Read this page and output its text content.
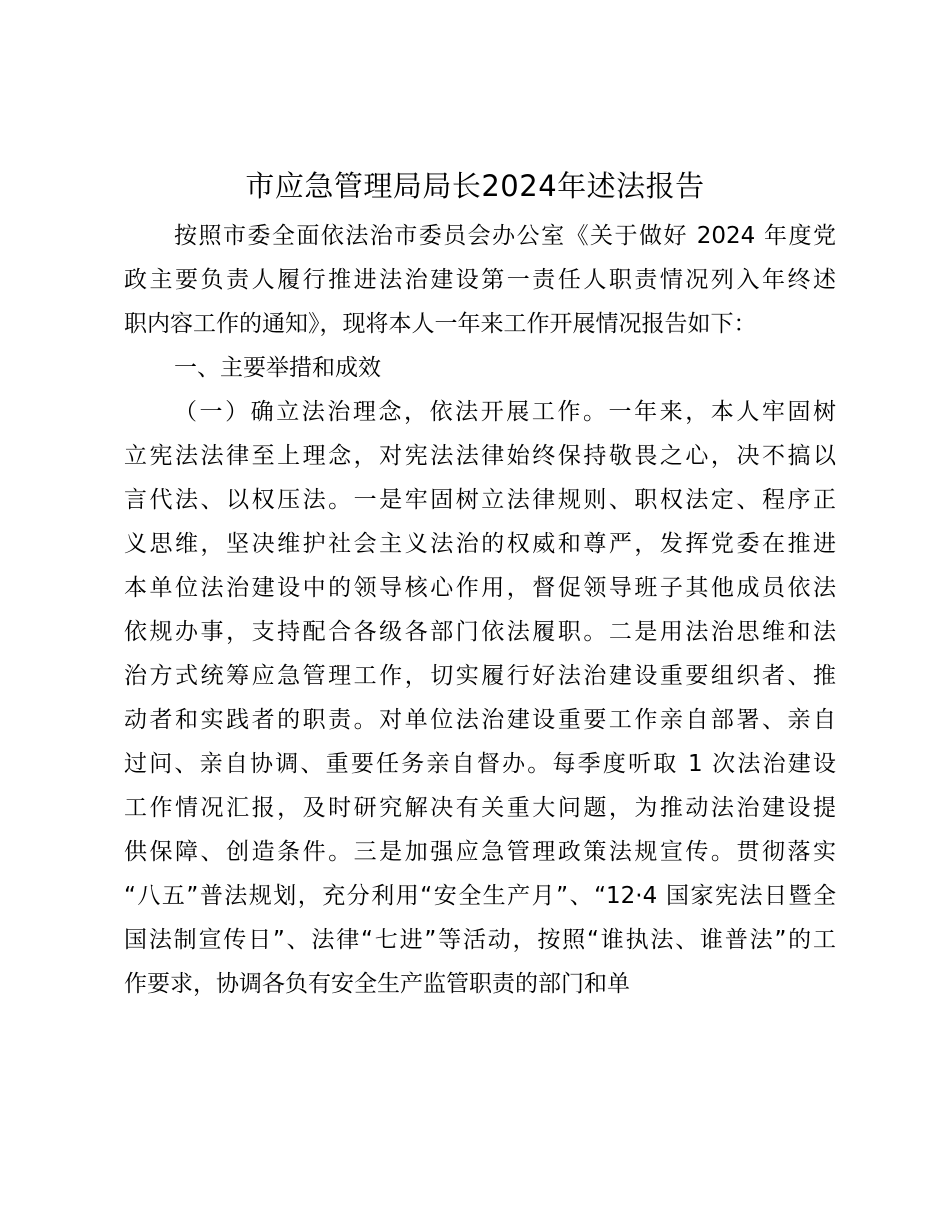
市应急管理局局长2024年述法报告
按照市委全面依法治市委员会办公室《关于做好 2024 年度党
政主要负责人履行推进法治建设第一责任人职责情况列入年终述
职内容工作的通知》，现将本人一年来工作开展情况报告如下：
一、主要举措和成效
（一）确立法治理念，依法开展工作。一年来，本人牢固树
立宪法法律至上理念，对宪法法律始终保持敬畏之心，决不搞以
言代法、以权压法。一是牢固树立法律规则、职权法定、程序正
义思维，坚决维护社会主义法治的权威和尊严，发挥党委在推进
本单位法治建设中的领导核心作用，督促领导班子其他成员依法
依规办事，支持配合各级各部门依法履职。二是用法治思维和法
治方式统筹应急管理工作，切实履行好法治建设重要组织者、推
动者和实践者的职责。对单位法治建设重要工作亲自部署、亲自
过问、亲自协调、重要任务亲自督办。每季度听取 1 次法治建设
工作情况汇报，及时研究解决有关重大问题，为推动法治建设提
供保障、创造条件。三是加强应急管理政策法规宣传。贯彻落实
“八五”普法规划，充分利用“安全生产月”、“12·4 国家宪法日暨全
国法制宣传日”、法律“七进”等活动，按照“谁执法、谁普法”的工
作要求，协调各负有安全生产监管职责的部门和单
